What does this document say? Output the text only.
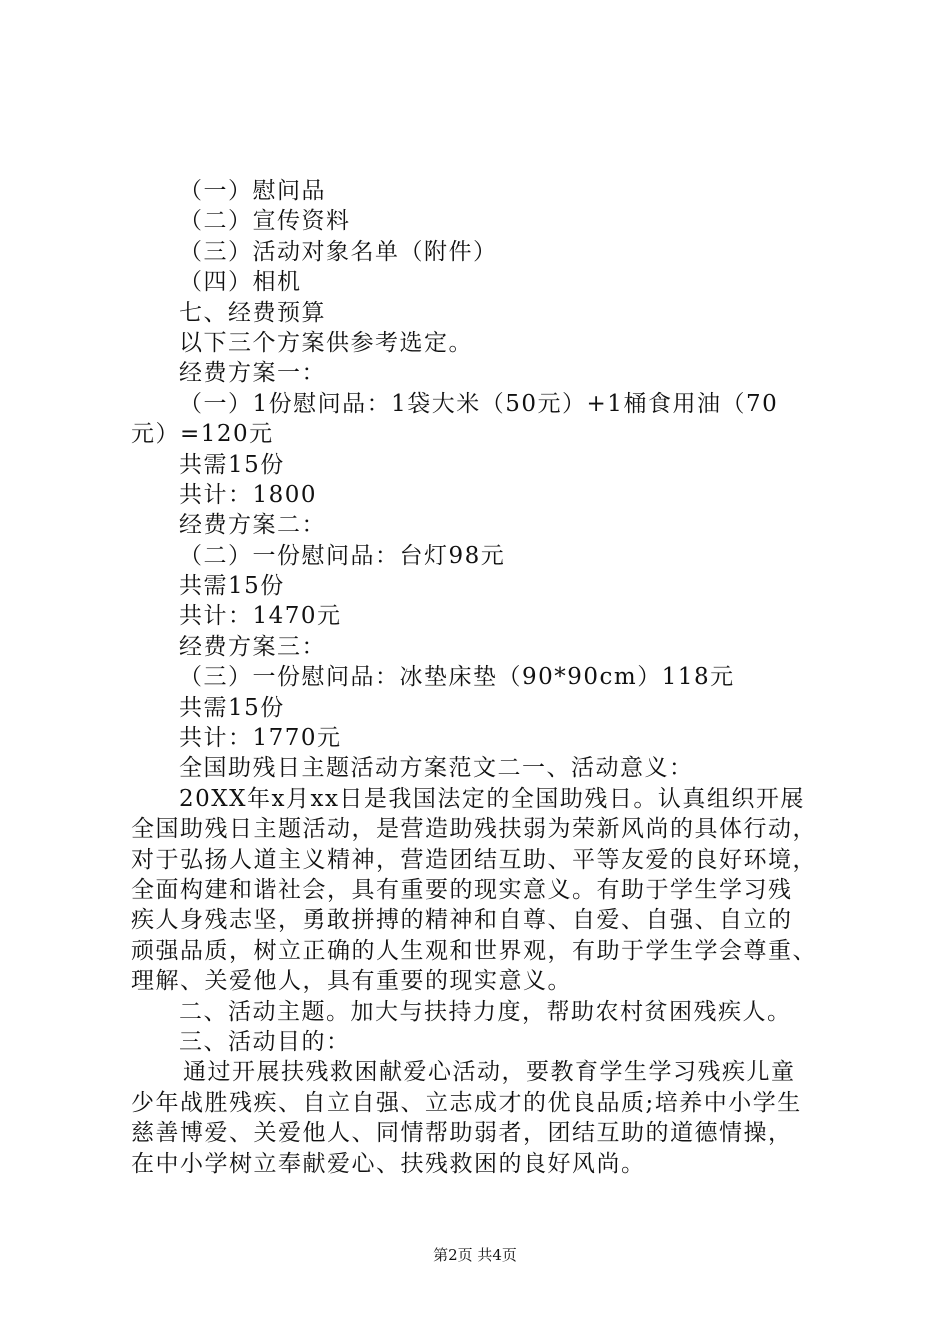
（一）慰问品
（二）宣传资料
（三）活动对象名单（附件）
（四）相机
七、经费预算
以下三个方案供参考选定。
经费方案一：
（一）1份慰问品：1袋大米（50元）+1桶食用油（70
元）=120元
共需15份
共计：1800
经费方案二：
（二）一份慰问品：台灯98元
共需15份
共计：1470元
经费方案三：
（三）一份慰问品：冰垫床垫（90*90cm）118元
共需15份
共计：1770元
全国助残日主题活动方案范文二一、活动意义：
20XX年x月xx日是我国法定的全国助残日。认真组织开展
全国助残日主题活动，是营造助残扶弱为荣新风尚的具体行动，
对于弘扬人道主义精神，营造团结互助、平等友爱的良好环境，
全面构建和谐社会，具有重要的现实意义。有助于学生学习残
疾人身残志坚，勇敢拼搏的精神和自尊、自爱、自强、自立的
顽强品质，树立正确的人生观和世界观，有助于学生学会尊重、
理解、关爱他人，具有重要的现实意义。
二、活动主题。加大与扶持力度，帮助农村贫困残疾人。
三、活动目的：
通过开展扶残救困献爱心活动，要教育学生学习残疾儿童
少年战胜残疾、自立自强、立志成才的优良品质;培养中小学生
慈善博爱、关爱他人、同情帮助弱者，团结互助的道德情操，
在中小学树立奉献爱心、扶残救困的良好风尚。
第2页 共4页
